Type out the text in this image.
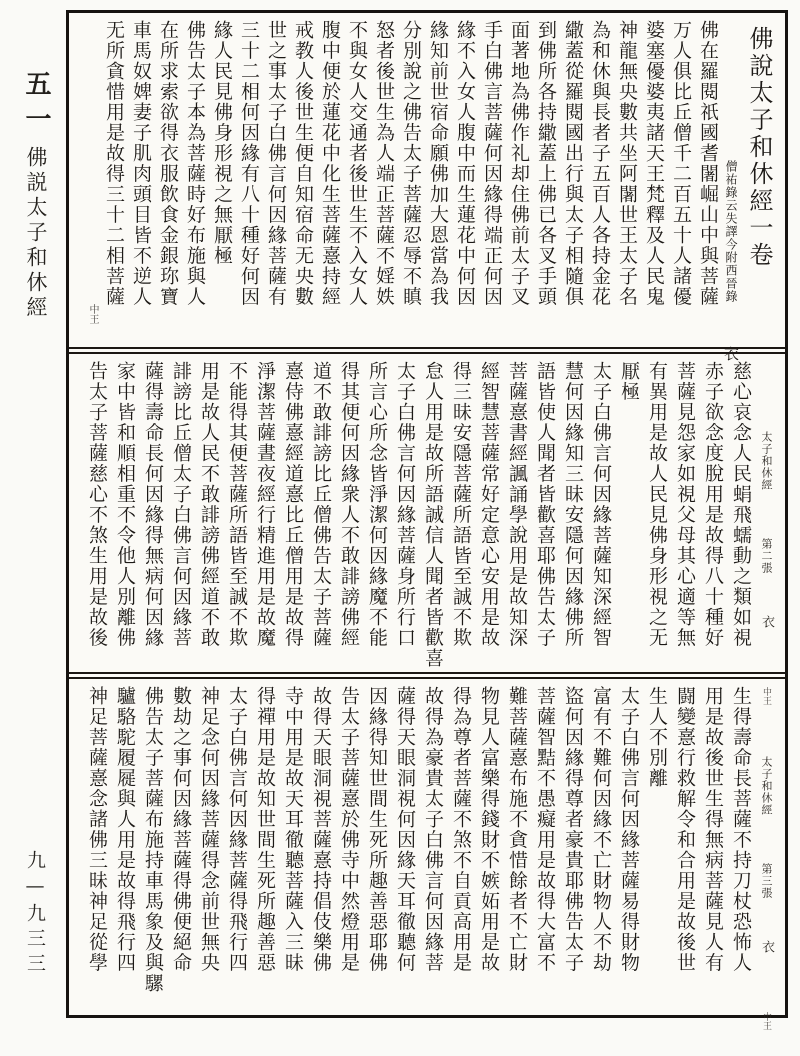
五一
佛説太子和休經
九—九三三
佛說太子和休經一卷
僧祐錄云失譯今附西晉錄 衣
佛在羅閱祇國耆闍崛山中與菩薩
万人俱比丘僧千二百五十人諸優
婆塞優婆夷諸天王梵釋及人民鬼
神龍無央數共坐阿闍世王太子名
為和休與長者子五百人各持金花
繖蓋從羅閱國出行與太子相隨俱
到佛所各持繖蓋上佛已各叉手頭
面著地為佛作礼却住佛前太子叉
手白佛言菩薩何因緣得端正何因
緣不入女人腹中而生蓮花中何因
緣知前世宿命願佛加大恩當為我
分別說之佛告太子菩薩忍辱不瞋
怒者後世生為人端正菩薩不婬妷
不與女人交通者後世生不入女人
腹中便於蓮花中化生菩薩憙持經
戒教人後世生便自知宿命无央數
世之事太子白佛言何因緣菩薩有
三十二相何因緣有八十種好何因
緣人民見佛身形視之無厭極
佛告太子本為菩薩時好布施與人
在所求索欲得衣服飲食金銀珎寶
車馬奴婢妻子肌肉頭目皆不逆人
无所貪惜用是故得三十二相菩薩
中王
太子和休經 第二張 衣 中王
慈心哀念人民蜎飛蠕動之類如視
赤子欲念度脫用是故得八十種好
菩薩見怨家如視父母其心適等無
有異用是故人民見佛身形視之无
厭極
太子白佛言何因緣菩薩知深經智
慧何因緣知三昧安隱何因緣佛所
語皆使人聞者皆歡喜耶佛告太子
菩薩憙書經諷誦學說用是故知深
經智慧菩薩常好定意心安用是故
得三昧安隱菩薩所語皆至誠不欺
怠人用是故所語誠信人聞者皆歡喜
太子白佛言何因緣菩薩身所行口
所言心所念皆淨潔何因緣魔不能
得其便何因緣衆人不敢誹謗佛經
道不敢誹謗比丘僧佛告太子菩薩
憙侍佛憙經道憙比丘僧用是故得
淨潔菩薩晝夜經行精進用是故魔
不能得其便菩薩所語皆至誠不欺
用是故人民不敢誹謗佛經道不敢
誹謗比丘僧太子白佛言何因緣菩
薩得壽命長何因緣得無病何因緣
家中皆和順相重不令他人別離佛
告太子菩薩慈心不煞生用是故後
太子和休經 第三張 衣 中王
生得壽命長菩薩不持刀杖恐怖人
用是故後世生得無病菩薩見人有
闘變憙行救解令和合用是故後世
生人不別離
太子白佛言何因緣菩薩易得財物
富有不難何因緣不亡財物人不劫
盜何因緣得尊者豪貴耶佛告太子
菩薩智黠不愚癡用是故得大富不
難菩薩憙布施不貪惜餘者不亡財
物見人富樂得錢財不嫉妬用是故
得為尊者菩薩不煞不自貢高用是
故得為豪貴太子白佛言何因緣菩
薩得天眼洞視何因緣天耳徹聽何
因緣得知世間生死所趣善惡耶佛
告太子菩薩憙於佛寺中然燈用是
故得天眼洞視菩薩憙持倡伎樂佛
寺中用是故天耳徹聽菩薩入三昧
得禪用是故知世間生死所趣善惡
太子白佛言何因緣菩薩得飛行四
神足念何因緣菩薩得念前世無央
數劫之事何因緣菩薩得佛便絕命
佛告太子菩薩布施持車馬象及與騾
驢駱駝履屣與人用是故得飛行四
神足菩薩憙念諸佛三昧神足從學
